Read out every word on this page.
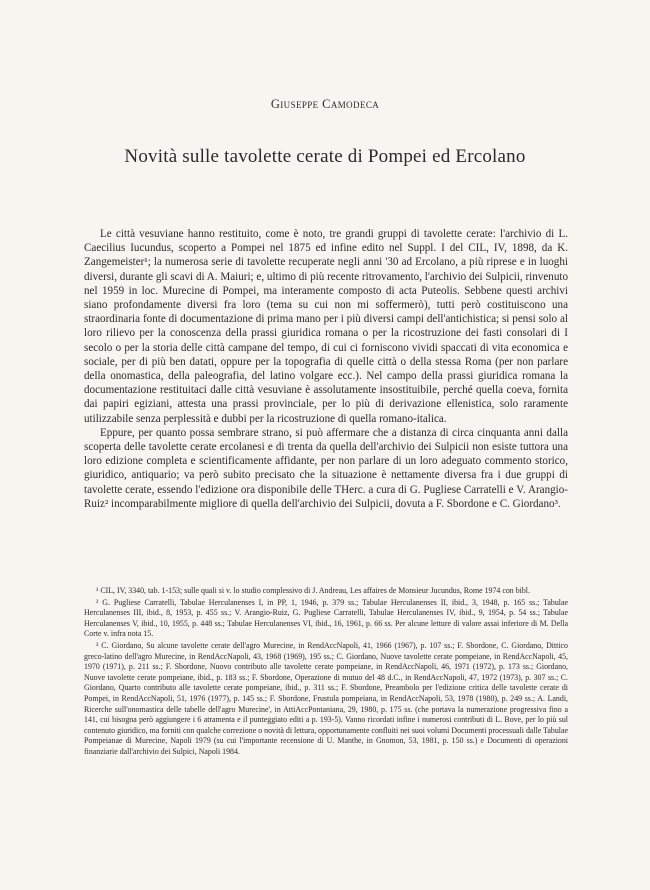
Giuseppe Camodeca
Novità sulle tavolette cerate di Pompei ed Ercolano

Le città vesuviane hanno restituito, come è noto, tre grandi gruppi di tavolette cerate: l'archivio di L. Caecilius Iucundus, scoperto a Pompei nel 1875 ed infine edito nel Suppl. I del CIL, IV, 1898, da K. Zangemeister¹; la numerosa serie di tavolette recuperate negli anni '30 ad Ercolano, a più riprese e in luoghi diversi, durante gli scavi di A. Maiuri; e, ultimo di più recente ritrovamento, l'archivio dei Sulpicii, rinvenuto nel 1959 in loc. Murecine di Pompei, ma interamente composto di acta Puteolis. Sebbene questi archivi siano profondamente diversi fra loro (tema su cui non mi soffermerò), tutti però costituiscono una straordinaria fonte di documentazione di prima mano per i più diversi campi dell'antichistica; si pensi solo al loro rilievo per la conoscenza della prassi giuridica romana o per la ricostruzione dei fasti consolari di I secolo o per la storia delle città campane del tempo, di cui ci forniscono vividi spaccati di vita economica e sociale, per di più ben datati, oppure per la topografia di quelle città o della stessa Roma (per non parlare della onomastica, della paleografia, del latino volgare ecc.). Nel campo della prassi giuridica romana la documentazione restituitaci dalle città vesuviane è assolutamente insostituibile, perché quella coeva, fornita dai papiri egiziani, attesta una prassi provinciale, per lo più di derivazione ellenistica, solo raramente utilizzabile senza perplessità e dubbi per la ricostruzione di quella romano-italica.

Eppure, per quanto possa sembrare strano, si può affermare che a distanza di circa cinquanta anni dalla scoperta delle tavolette cerate ercolanesi e di trenta da quella dell'archivio dei Sulpicii non esiste tuttora una loro edizione completa e scientificamente affidante, per non parlare di un loro adeguato commento storico, giuridico, antiquario; va però subito precisato che la situazione è nettamente diversa fra i due gruppi di tavolette cerate, essendo l'edizione ora disponibile delle THerc. a cura di G. Pugliese Carratelli e V. Arangio-Ruiz² incomparabilmente migliore di quella dell'archivio dei Sulpicii, dovuta a F. Sbordone e C. Giordano³.

¹ CIL, IV, 3340, tab. 1-153; sulle quali si v. lo studio complessivo di J. Andreau, Les affaires de Monsieur Jucundus, Rome 1974 con bibl.

² G. Pugliese Carratelli, Tabulae Herculanenses I, in PP, 1, 1946, p. 379 ss.; Tabulae Herculanenses II, ibid., 3, 1948, p. 165 ss.; Tabulae Herculanenses III, ibid., 8, 1953, p. 455 ss.; V. Arangio-Ruiz, G. Pugliese Carratelli, Tabulae Herculanenses IV, ibid., 9, 1954, p. 54 ss.; Tabulae Herculanenses V, ibid., 10, 1955, p. 448 ss.; Tabulae Herculanenses VI, ibid., 16, 1961, p. 66 ss. Per alcune letture di valore assai inferiore di M. Della Corte v. infra nota 15.

³ C. Giordano, Su alcune tavolette cerate dell'agro Murecine, in RendAccNapoli, 41, 1966 (1967), p. 107 ss.; F. Sbordone, C. Giordano, Dittico greco-latino dell'agro Murecine, in RendAccNapoli, 43, 1968 (1969), 195 ss.; C. Giordano, Nuove tavolette cerate pompeiane, in RendAccNapoli, 45, 1970 (1971), p. 211 ss.; F. Sbordone, Nuovo contributo alle tavolette cerate pompeiane, in RendAccNapoli, 46, 1971 (1972), p. 173 ss.; Giordano, Nuove tavolette cerate pompeiane, ibid., p. 183 ss.; F. Sbordone, Operazione di mutuo del 48 d.C., in RendAccNapoli, 47, 1972 (1973), p. 307 ss.; C. Giordano, Quarto contributo alle tavolette cerate pompeiane, ibid., p. 311 ss.; F. Sbordone, Preambolo per l'edizione critica delle tavolette cerate di Pompei, in RendAccNapoli, 51, 1976 (1977), p. 145 ss.; F. Sbordone, Frustula pompeiana, in RendAccNapoli, 53, 1978 (1980), p. 249 ss.; A. Landi, Ricerche sull'onomastica delle tabelle dell'agro Murecine', in AttiAccPontaniana, 29, 1980, p. 175 ss. (che portava la numerazione progressiva fino a 141, cui bisogna però aggiungere i 6 atramenta e il punteggiato editi a p. 193-5). Vanno ricordati infine i numerosi contributi di L. Bove, per lo più sul contenuto giuridico, ma forniti con qualche correzione o novità di lettura, opportunamente confluiti nei suoi volumi Documenti processuali dalle Tabulae Pompeianae di Murecine, Napoli 1979 (su cui l'importante recensione di U. Manthe, in Gnomon, 53, 1981, p. 150 ss.) e Documenti di operazioni finanziarie dall'archivio dei Sulpici, Napoli 1984.
